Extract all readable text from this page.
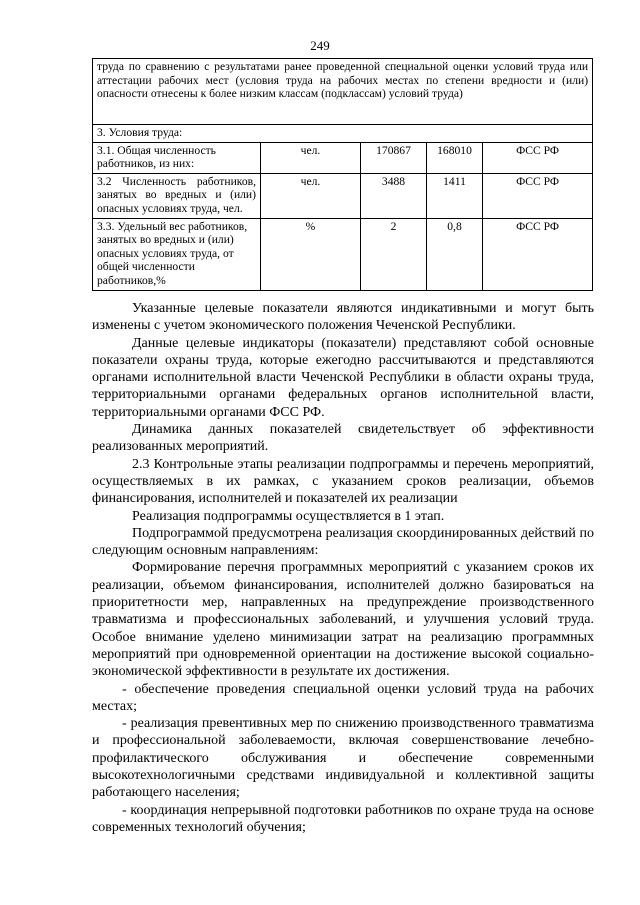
249
труда по сравнению с результатами ранее проведенной специальной оценки условий труда или аттестации рабочих мест (условия труда на рабочих местах по степени вредности и (или) опасности отнесены к более низким классам (подклассам) условий труда)				
3. Условия труда:				
3.1. Общая численность работников, из них:	чел.	170867	168010	ФСС РФ
3.2 Численность работников, занятых во вредных и (или) опасных условиях труда, чел.	чел.	3488	1411	ФСС РФ
3.3. Удельный вес работников, занятых во вредных и (или) опасных условиях труда, от общей численности работников,%	%	2	0,8	ФСС РФ

Указанные целевые показатели являются индикативными и могут быть изменены с учетом экономического положения Чеченской Республики.

Данные целевые индикаторы (показатели) представляют собой основные показатели охраны труда, которые ежегодно рассчитываются и представляются органами исполнительной власти Чеченской Республики в области охраны труда, территориальными органами федеральных органов исполнительной власти, территориальными органами ФСС РФ.

Динамика данных показателей свидетельствует об эффективности реализованных мероприятий.

2.3 Контрольные этапы реализации подпрограммы и перечень мероприятий, осуществляемых в их рамках, с указанием сроков реализации, объемов финансирования, исполнителей и показателей их реализации

Реализация подпрограммы осуществляется в 1 этап.

Подпрограммой предусмотрена реализация скоординированных действий по следующим основным направлениям:

Формирование перечня программных мероприятий с указанием сроков их реализации, объемом финансирования, исполнителей должно базироваться на приоритетности мер, направленных на предупреждение производственного травматизма и профессиональных заболеваний, и улучшения условий труда. Особое внимание уделено минимизации затрат на реализацию программных мероприятий при одновременной ориентации на достижение высокой социально-экономической эффективности в результате их достижения.

- обеспечение проведения специальной оценки условий труда на рабочих местах;

- реализация превентивных мер по снижению производственного травматизма и профессиональной заболеваемости, включая совершенствование лечебно-профилактического обслуживания и обеспечение современными высокотехнологичными средствами индивидуальной и коллективной защиты работающего населения;

- координация непрерывной подготовки работников по охране труда на основе современных технологий обучения;
